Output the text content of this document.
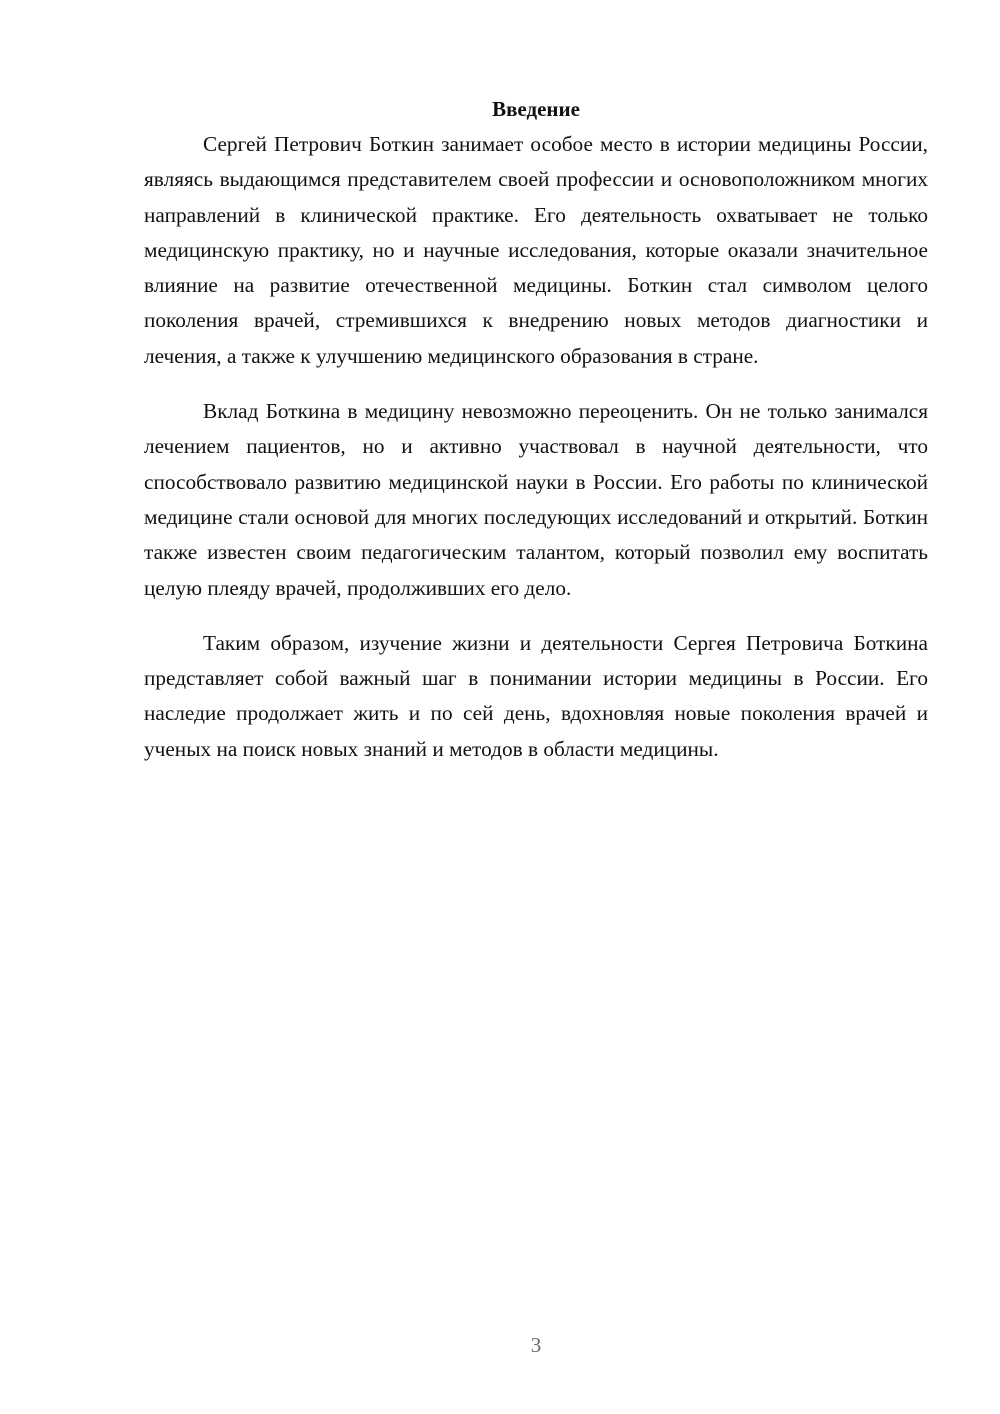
Введение

Сергей Петрович Боткин занимает особое место в истории медицины России, являясь выдающимся представителем своей профессии и основоположником многих направлений в клинической практике. Его деятельность охватывает не только медицинскую практику, но и научные исследования, которые оказали значительное влияние на развитие отечественной медицины. Боткин стал символом целого поколения врачей, стремившихся к внедрению новых методов диагностики и лечения, а также к улучшению медицинского образования в стране.

Вклад Боткина в медицину невозможно переоценить. Он не только занимался лечением пациентов, но и активно участвовал в научной деятельности, что способствовало развитию медицинской науки в России. Его работы по клинической медицине стали основой для многих последующих исследований и открытий. Боткин также известен своим педагогическим талантом, который позволил ему воспитать целую плеяду врачей, продолживших его дело.

Таким образом, изучение жизни и деятельности Сергея Петровича Боткина представляет собой важный шаг в понимании истории медицины в России. Его наследие продолжает жить и по сей день, вдохновляя новые поколения врачей и ученых на поиск новых знаний и методов в области медицины.

3
